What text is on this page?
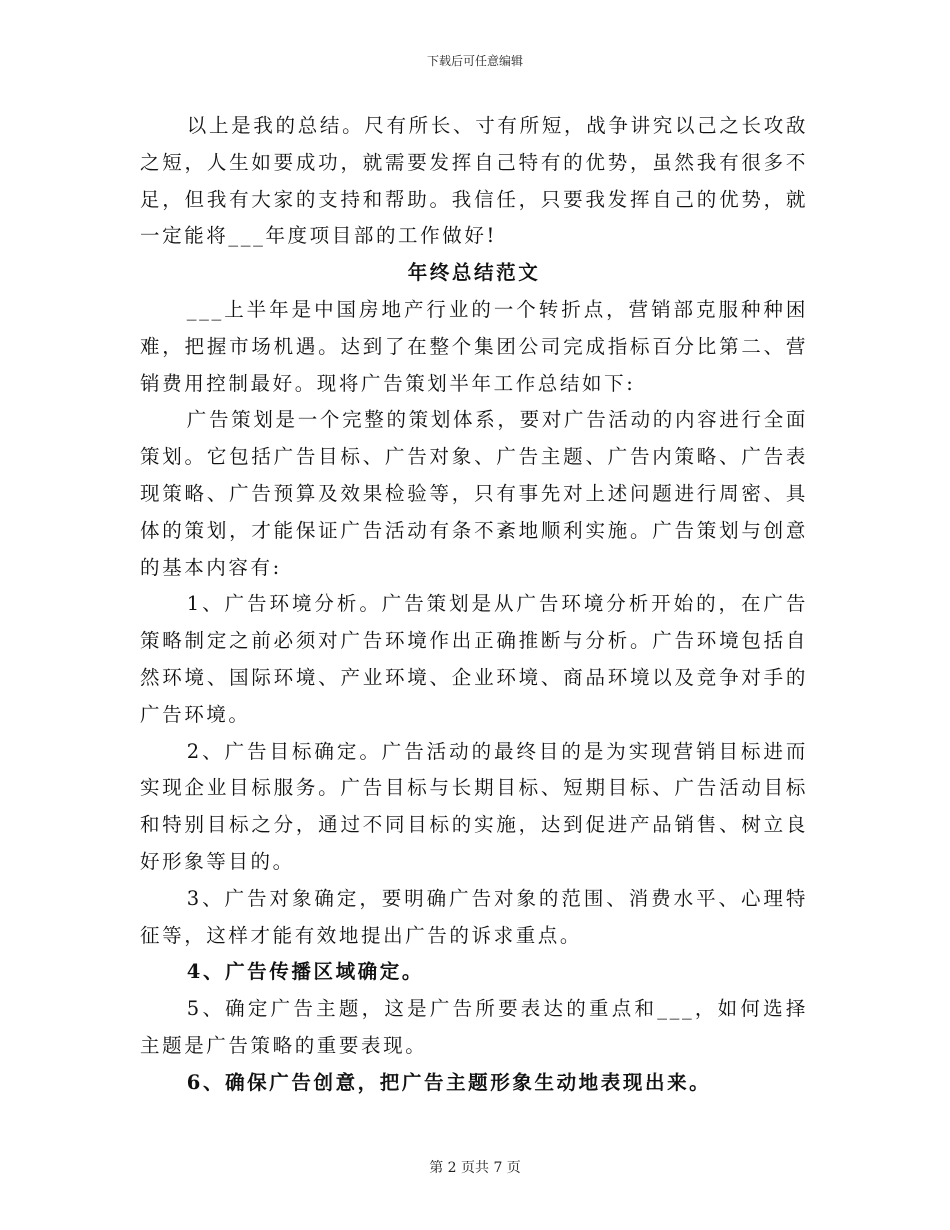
下载后可任意编辑

以上是我的总结。尺有所长、寸有所短，战争讲究以己之长攻敌之短，人生如要成功，就需要发挥自己特有的优势，虽然我有很多不足，但我有大家的支持和帮助。我信任，只要我发挥自己的优势，就一定能将___年度项目部的工作做好!

年终总结范文

___上半年是中国房地产行业的一个转折点，营销部克服种种困难，把握市场机遇。达到了在整个集团公司完成指标百分比第二、营销费用控制最好。现将广告策划半年工作总结如下:

广告策划是一个完整的策划体系，要对广告活动的内容进行全面策划。它包括广告目标、广告对象、广告主题、广告内策略、广告表现策略、广告预算及效果检验等，只有事先对上述问题进行周密、具体的策划，才能保证广告活动有条不紊地顺利实施。广告策划与创意的基本内容有:

1、广告环境分析。广告策划是从广告环境分析开始的，在广告策略制定之前必须对广告环境作出正确推断与分析。广告环境包括自然环境、国际环境、产业环境、企业环境、商品环境以及竞争对手的广告环境。

2、广告目标确定。广告活动的最终目的是为实现营销目标进而实现企业目标服务。广告目标与长期目标、短期目标、广告活动目标和特别目标之分，通过不同目标的实施，达到促进产品销售、树立良好形象等目的。

3、广告对象确定，要明确广告对象的范围、消费水平、心理特征等，这样才能有效地提出广告的诉求重点。

4、广告传播区域确定。

5、确定广告主题，这是广告所要表达的重点和___，如何选择主题是广告策略的重要表现。

6、确保广告创意，把广告主题形象生动地表现出来。

第 2 页共 7 页
